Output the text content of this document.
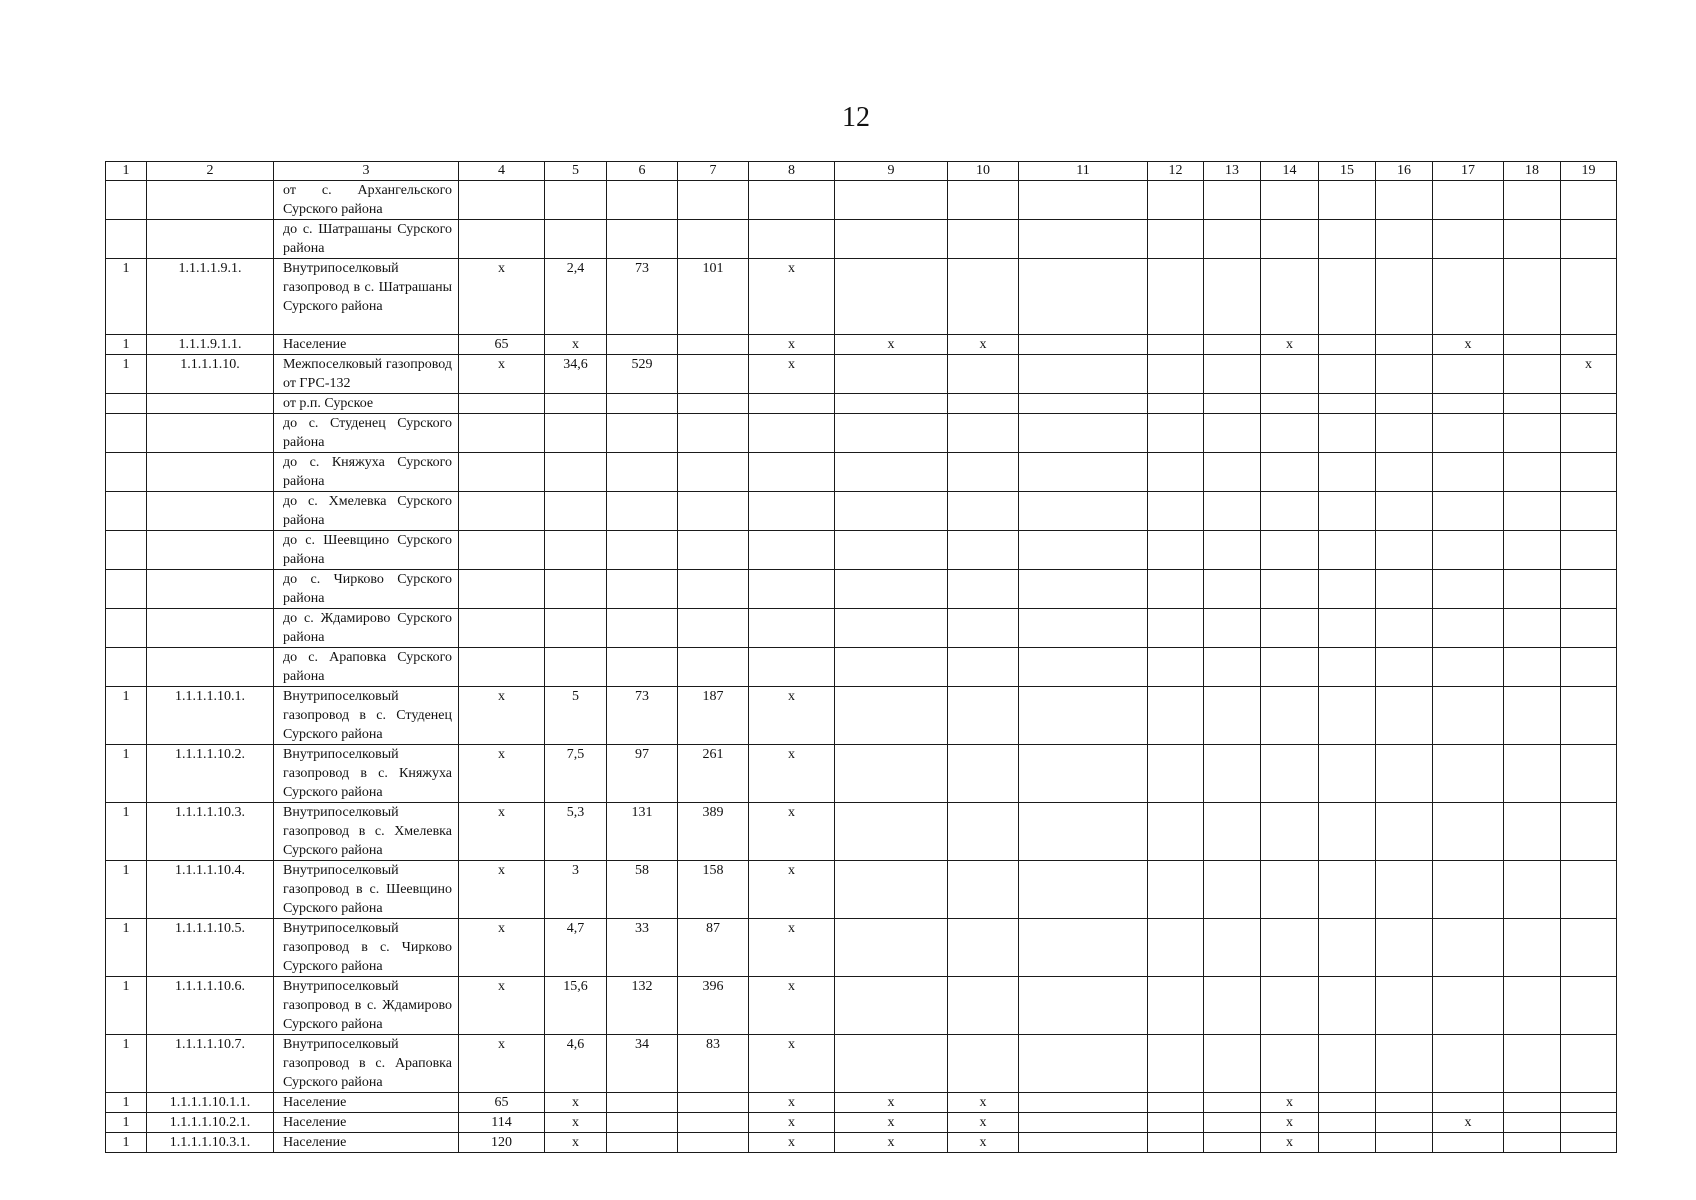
12
1	2	3	4	5	6	7	8	9	10	11	12	13	14	15	16	17	18	19
		от с. Архангельского Сурского района																
		до с. Шатрашаны Сурского района																
1	1.1.1.1.9.1.	Внутрипоселковый газопровод в с. Шатрашаны Сурского района	x	2,4	73	101	x											
1	1.1.1.9.1.1.	Население	65	x			x	x	x				x			x		
1	1.1.1.1.10.	Межпоселковый газопровод от ГРС-132	x	34,6	529		x											x
		от р.п. Сурское																
		до с. Студенец Сурского района																
		до с. Княжуха Сурского района																
		до с. Хмелевка Сурского района																
		до с. Шеевщино Сурского района																
		до с. Чирково Сурского района																
		до с. Ждамирово Сурского района																
		до с. Араповка Сурского района																
1	1.1.1.1.10.1.	Внутрипоселковый газопровод в с. Студенец Сурского района	x	5	73	187	x											
1	1.1.1.1.10.2.	Внутрипоселковый газопровод в с. Княжуха Сурского района	x	7,5	97	261	x											
1	1.1.1.1.10.3.	Внутрипоселковый газопровод в с. Хмелевка Сурского района	x	5,3	131	389	x											
1	1.1.1.1.10.4.	Внутрипоселковый газопровод в с. Шеевщино Сурского района	x	3	58	158	x											
1	1.1.1.1.10.5.	Внутрипоселковый газопровод в с. Чирково Сурского района	x	4,7	33	87	x											
1	1.1.1.1.10.6.	Внутрипоселковый газопровод в с. Ждамирово Сурского района	x	15,6	132	396	x											
1	1.1.1.1.10.7.	Внутрипоселковый газопровод в с. Араповка Сурского района	x	4,6	34	83	x											
1	1.1.1.1.10.1.1.	Население	65	x			x	x	x				x					
1	1.1.1.1.10.2.1.	Население	114	x			x	x	x				x			x		
1	1.1.1.1.10.3.1.	Население	120	x			x	x	x				x					
